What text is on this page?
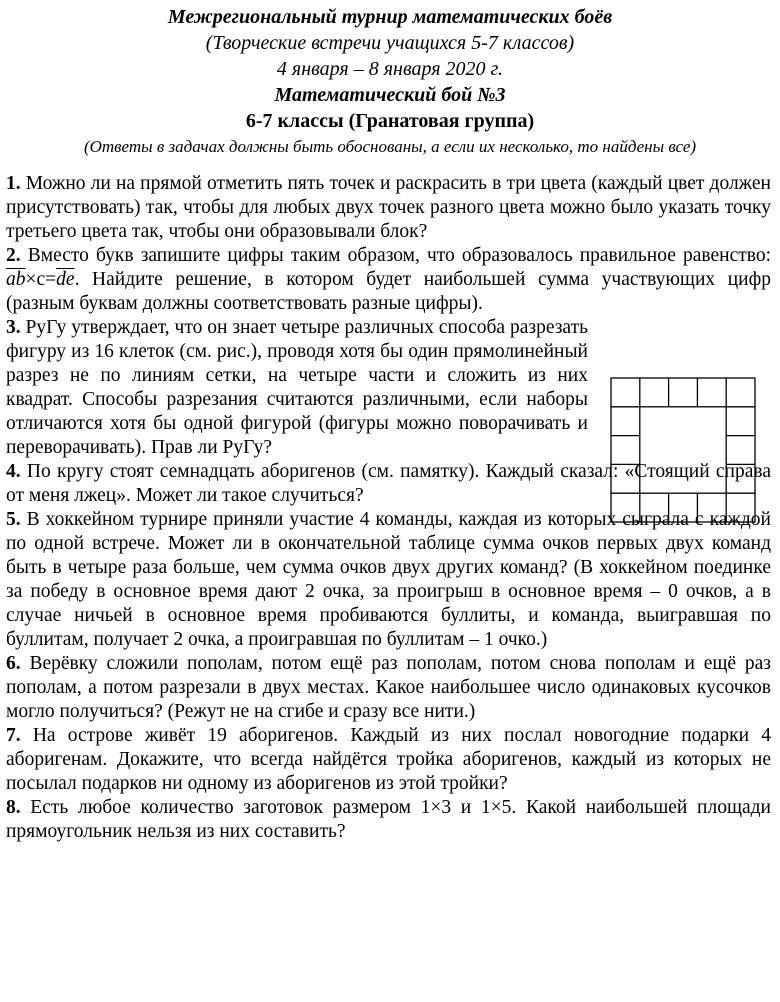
Межрегиональный турнир математических боёв
(Творческие встречи учащихся 5-7 классов)
4 января – 8 января 2020 г.
Математический бой №3
6-7 классы (Гранатовая группа)
(Ответы в задачах должны быть обоснованы, а если их несколько, то найдены все)

1. Можно ли на прямой отметить пять точек и раскрасить в три цвета (каждый цвет должен присутствовать) так, чтобы для любых двух точек разного цвета можно было указать точку третьего цвета так, чтобы они образовывали блок?

2. Вместо букв запишите цифры таким образом, что образовалось правильное равенство: $\overline{ab}\times c=\overline{de}$. Найдите решение, в котором будет наибольшей сумма участвующих цифр (разным буквам должны соответствовать разные цифры).

3. РуГу утверждает, что он знает четыре различных способа разрезать фигуру из 16 клеток (см. рис.), проводя хотя бы один прямолинейный разрез не по линиям сетки, на четыре части и сложить из них квадрат. Способы разрезания считаются различными, если наборы отличаются хотя бы одной фигурой (фигуры можно поворачивать и переворачивать). Прав ли РуГу?

4. По кругу стоят семнадцать аборигенов (см. памятку). Каждый сказал: «Стоящий справа от меня лжец». Может ли такое случиться?

5. В хоккейном турнире приняли участие 4 команды, каждая из которых сыграла с каждой по одной встрече. Может ли в окончательной таблице сумма очков первых двух команд быть в четыре раза больше, чем сумма очков двух других команд? (В хоккейном поединке за победу в основное время дают 2 очка, за проигрыш в основное время – 0 очков, а в случае ничьей в основное время пробиваются буллиты, и команда, выигравшая по буллитам, получает 2 очка, а проигравшая по буллитам – 1 очко.)

6. Верёвку сложили пополам, потом ещё раз пополам, потом снова пополам и ещё раз пополам, а потом разрезали в двух местах. Какое наибольшее число одинаковых кусочков могло получиться? (Режут не на сгибе и сразу все нити.)

7. На острове живёт 19 аборигенов. Каждый из них послал новогодние подарки 4 аборигенам. Докажите, что всегда найдётся тройка аборигенов, каждый из которых не посылал подарков ни одному из аборигенов из этой тройки?

8. Есть любое количество заготовок размером 1×3 и 1×5. Какой наибольшей площади прямоугольник нельзя из них составить?
